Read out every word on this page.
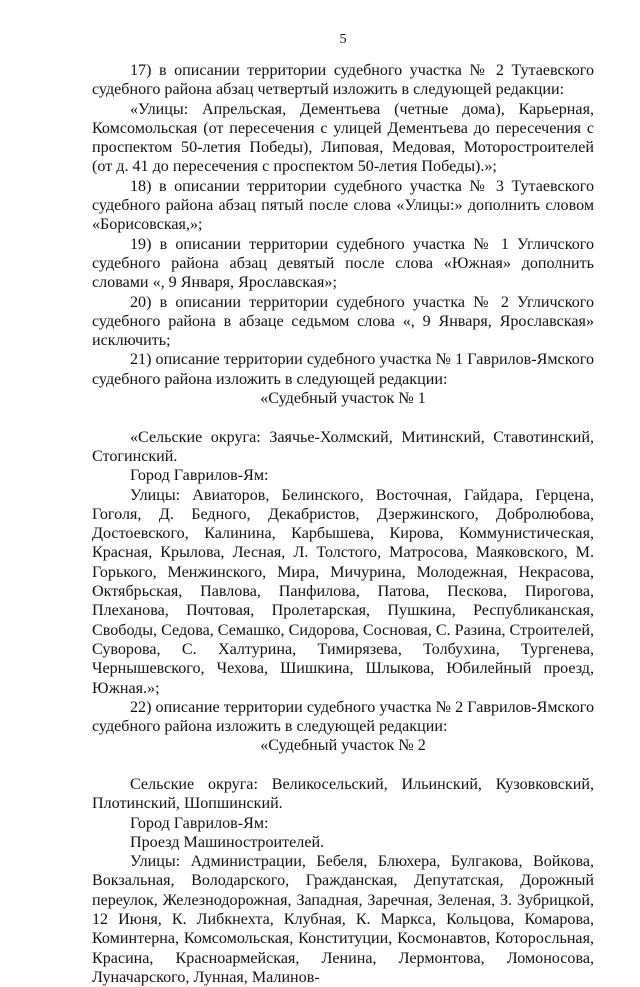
5

17) в описании территории судебного участка № 2 Тутаевского судебного района абзац четвертый изложить в следующей редакции:

«Улицы: Апрельская, Дементьева (четные дома), Карьерная, Комсомольская (от пересечения с улицей Дементьева до пересечения с проспектом 50-летия Победы), Липовая, Медовая, Моторостроителей (от д. 41 до пересечения с проспектом 50-летия Победы).»;

18) в описании территории судебного участка № 3 Тутаевского судебного района абзац пятый после слова «Улицы:» дополнить словом «Борисовская,»;

19) в описании территории судебного участка № 1 Угличского судебного района абзац девятый после слова «Южная» дополнить словами «, 9 Января, Ярославская»;

20) в описании территории судебного участка № 2 Угличского судебного района в абзаце седьмом слова «, 9 Января, Ярославская» исключить;

21) описание территории судебного участка № 1 Гаврилов-Ямского судебного района изложить в следующей редакции:

«Судебный участок № 1

«Сельские округа: Заячье-Холмский, Митинский, Ставотинский, Стогинский.

Город Гаврилов-Ям:

Улицы: Авиаторов, Белинского, Восточная, Гайдара, Герцена, Гоголя, Д. Бедного, Декабристов, Дзержинского, Добролюбова, Достоевского, Калинина, Карбышева, Кирова, Коммунистическая, Красная, Крылова, Лесная, Л. Толстого, Матросова, Маяковского, М. Горького, Менжинского, Мира, Мичурина, Молодежная, Некрасова, Октябрьская, Павлова, Панфилова, Патова, Пескова, Пирогова, Плеханова, Почтовая, Пролетарская, Пушкина, Республиканская, Свободы, Седова, Семашко, Сидорова, Сосновая, С. Разина, Строителей, Суворова, С. Халтурина, Тимирязева, Толбухина, Тургенева, Чернышевского, Чехова, Шишкина, Шлыкова, Юбилейный проезд, Южная.»;

22) описание территории судебного участка № 2 Гаврилов-Ямского судебного района изложить в следующей редакции:

«Судебный участок № 2

Сельские округа: Великосельский, Ильинский, Кузовковский, Плотинский, Шопшинский.

Город Гаврилов-Ям:

Проезд Машиностроителей.

Улицы: Администрации, Бебеля, Блюхера, Булгакова, Войкова, Вокзальная, Володарского, Гражданская, Депутатская, Дорожный переулок, Железнодорожная, Западная, Заречная, Зеленая, З. Зубрицкой, 12 Июня, К. Либкнехта, Клубная, К. Маркса, Кольцова, Комарова, Коминтерна, Комсомольская, Конституции, Космонавтов, Которосльная, Красина, Красноармейская, Ленина, Лермонтова, Ломоносова, Луначарского, Лунная, Малинов-
